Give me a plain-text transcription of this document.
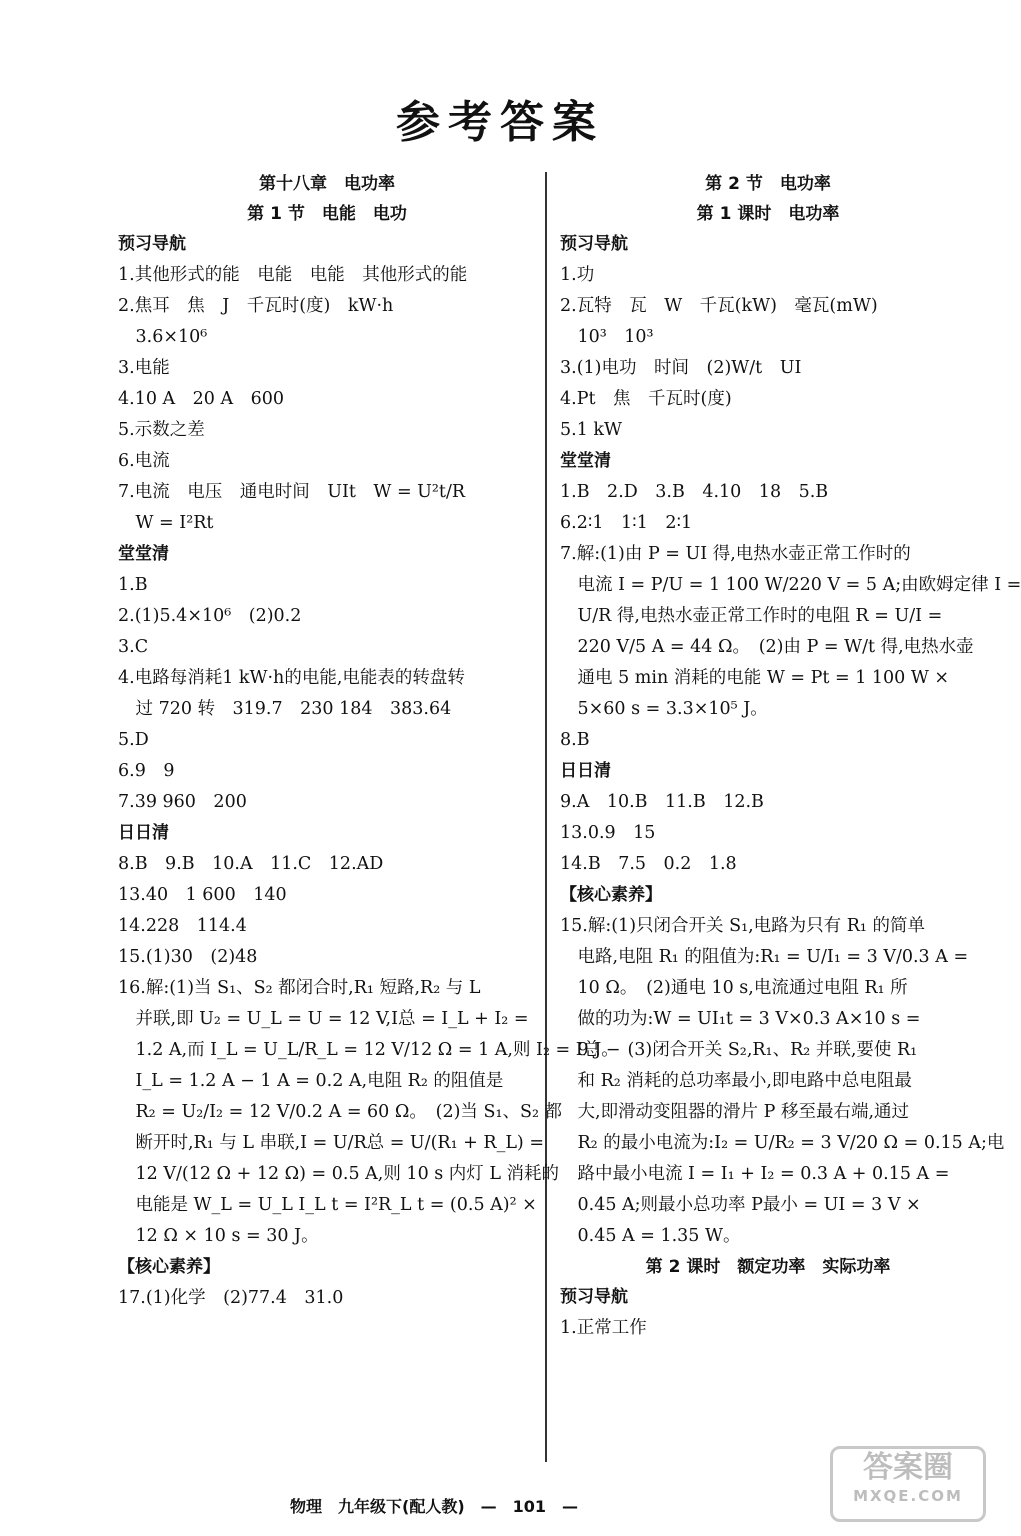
参考答案
第十八章　电功率
第 1 节　电能　电功
预习导航
1.其他形式的能　电能　电能　其他形式的能
2.焦耳　焦　J　千瓦时(度)　kW·h
　3.6×10⁶
3.电能
4.10 A　20 A　600
5.示数之差
6.电流
7.电流　电压　通电时间　UIt　W = U²t/R
　W = I²Rt
堂堂清
1.B
2.(1)5.4×10⁶　(2)0.2
3.C
4.电路每消耗1 kW·h的电能,电能表的转盘转
　过 720 转　319.7　230 184　383.64
5.D
6.9　9
7.39 960　200
日日清
8.B　9.B　10.A　11.C　12.AD
13.40　1 600　140
14.228　114.4
15.(1)30　(2)48
16.解:(1)当 S₁、S₂ 都闭合时,R₁ 短路,R₂ 与 L
　并联,即 U₂ = U_L = U = 12 V,I总 = I_L + I₂ =
　1.2 A,而 I_L = U_L/R_L = 12 V/12 Ω = 1 A,则 I₂ = I总 −
　I_L = 1.2 A − 1 A = 0.2 A,电阻 R₂ 的阻值是
　R₂ = U₂/I₂ = 12 V/0.2 A = 60 Ω。　(2)当 S₁、S₂ 都
　断开时,R₁ 与 L 串联,I = U/R总 = U/(R₁ + R_L) =
　12 V/(12 Ω + 12 Ω) = 0.5 A,则 10 s 内灯 L 消耗的
　电能是 W_L = U_L I_L t = I²R_L t = (0.5 A)² ×
　12 Ω × 10 s = 30 J。
【核心素养】
17.(1)化学　(2)77.4　31.0
第 2 节　电功率
第 1 课时　电功率
预习导航
1.功
2.瓦特　瓦　W　千瓦(kW)　毫瓦(mW)
　10³　10³
3.(1)电功　时间　(2)W/t　UI
4.Pt　焦　千瓦时(度)
5.1 kW
堂堂清
1.B　2.D　3.B　4.10　18　5.B
6.2∶1　1∶1　2∶1
7.解:(1)由 P = UI 得,电热水壶正常工作时的
　电流 I = P/U = 1 100 W/220 V = 5 A;由欧姆定律 I =
　U/R 得,电热水壶正常工作时的电阻 R = U/I =
　220 V/5 A = 44 Ω。　(2)由 P = W/t 得,电热水壶
　通电 5 min 消耗的电能 W = Pt = 1 100 W ×
　5×60 s = 3.3×10⁵ J。
8.B
日日清
9.A　10.B　11.B　12.B
13.0.9　15
14.B　7.5　0.2　1.8
【核心素养】
15.解:(1)只闭合开关 S₁,电路为只有 R₁ 的简单
　电路,电阻 R₁ 的阻值为:R₁ = U/I₁ = 3 V/0.3 A =
　10 Ω。　(2)通电 10 s,电流通过电阻 R₁ 所
　做的功为:W = UI₁t = 3 V×0.3 A×10 s =
　9 J。　(3)闭合开关 S₂,R₁、R₂ 并联,要使 R₁
　和 R₂ 消耗的总功率最小,即电路中总电阻最
　大,即滑动变阻器的滑片 P 移至最右端,通过
　R₂ 的最小电流为:I₂ = U/R₂ = 3 V/20 Ω = 0.15 A;电
　路中最小电流 I = I₁ + I₂ = 0.3 A + 0.15 A =
　0.45 A;则最小总功率 P最小 = UI = 3 V ×
　0.45 A = 1.35 W。
第 2 课时　额定功率　实际功率
预习导航
1.正常工作
物理　九年级下(配人教)　—　101　—
答案圈
MXQE.COM
